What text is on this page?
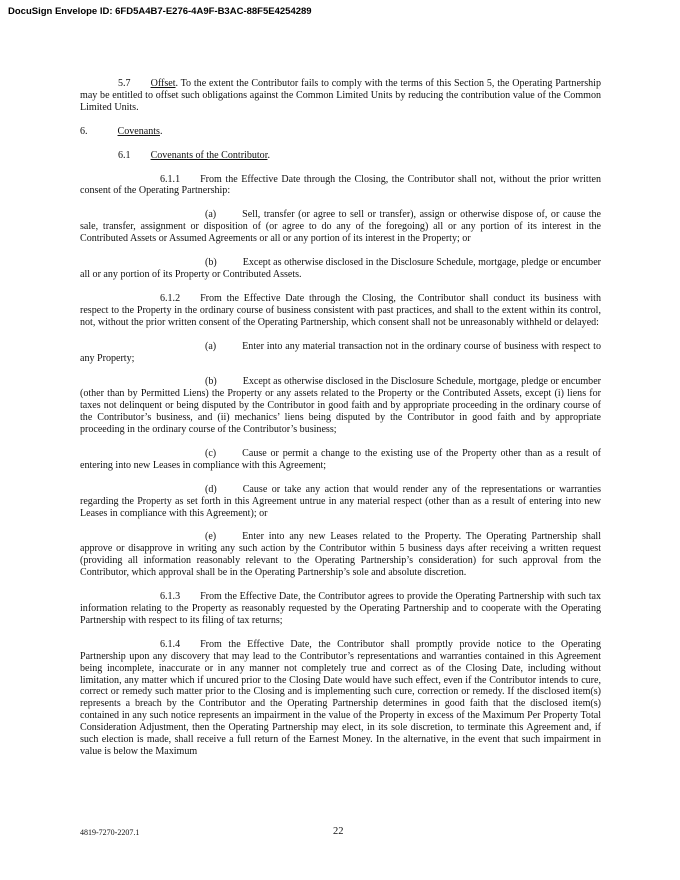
DocuSign Envelope ID: 6FD5A4B7-E276-4A9F-B3AC-88F5E4254289

5.7 Offset. To the extent the Contributor fails to comply with the terms of this Section 5, the Operating Partnership may be entitled to offset such obligations against the Common Limited Units by reducing the contribution value of the Common Limited Units.

6.	Covenants.

6.1 Covenants of the Contributor.

6.1.1 From the Effective Date through the Closing, the Contributor shall not, without the prior written consent of the Operating Partnership:

(a)	Sell, transfer (or agree to sell or transfer), assign or otherwise dispose of, or cause the sale, transfer, assignment or disposition of (or agree to do any of the foregoing) all or any portion of its interest in the Contributed Assets or Assumed Agreements or all or any portion of its interest in the Property; or

(b)	Except as otherwise disclosed in the Disclosure Schedule, mortgage, pledge or encumber all or any portion of its Property or Contributed Assets.

6.1.2 From the Effective Date through the Closing, the Contributor shall conduct its business with respect to the Property in the ordinary course of business consistent with past practices, and shall to the extent within its control, not, without the prior written consent of the Operating Partnership, which consent shall not be unreasonably withheld or delayed:

(a)	Enter into any material transaction not in the ordinary course of business with respect to any Property;

(b)	Except as otherwise disclosed in the Disclosure Schedule, mortgage, pledge or encumber (other than by Permitted Liens) the Property or any assets related to the Property or the Contributed Assets, except (i) liens for taxes not delinquent or being disputed by the Contributor in good faith and by appropriate proceeding in the ordinary course of the Contributor’s business, and (ii) mechanics’ liens being disputed by the Contributor in good faith and by appropriate proceeding in the ordinary course of the Contributor’s business;

(c)	Cause or permit a change to the existing use of the Property other than as a result of entering into new Leases in compliance with this Agreement;

(d)	Cause or take any action that would render any of the representations or warranties regarding the Property as set forth in this Agreement untrue in any material respect (other than as a result of entering into new Leases in compliance with this Agreement); or

(e)	Enter into any new Leases related to the Property. The Operating Partnership shall approve or disapprove in writing any such action by the Contributor within 5 business days after receiving a written request (providing all information reasonably relevant to the Operating Partnership’s consideration) for such approval from the Contributor, which approval shall be in the Operating Partnership’s sole and absolute discretion.

6.1.3 From the Effective Date, the Contributor agrees to provide the Operating Partnership with such tax information relating to the Property as reasonably requested by the Operating Partnership and to cooperate with the Operating Partnership with respect to its filing of tax returns;

6.1.4 From the Effective Date, the Contributor shall promptly provide notice to the Operating Partnership upon any discovery that may lead to the Contributor’s representations and warranties contained in this Agreement being incomplete, inaccurate or in any manner not completely true and correct as of the Closing Date, including without limitation, any matter which if uncured prior to the Closing Date would have such effect, even if the Contributor intends to cure, correct or remedy such matter prior to the Closing and is implementing such cure, correction or remedy. If the disclosed item(s) represents a breach by the Contributor and the Operating Partnership determines in good faith that the disclosed item(s) contained in any such notice represents an impairment in the value of the Property in excess of the Maximum Per Property Total Consideration Adjustment, then the Operating Partnership may elect, in its sole discretion, to terminate this Agreement and, if such election is made, shall receive a full return of the Earnest Money. In the alternative, in the event that such impairment in value is below the Maximum

4819-7270-2207.1	22
